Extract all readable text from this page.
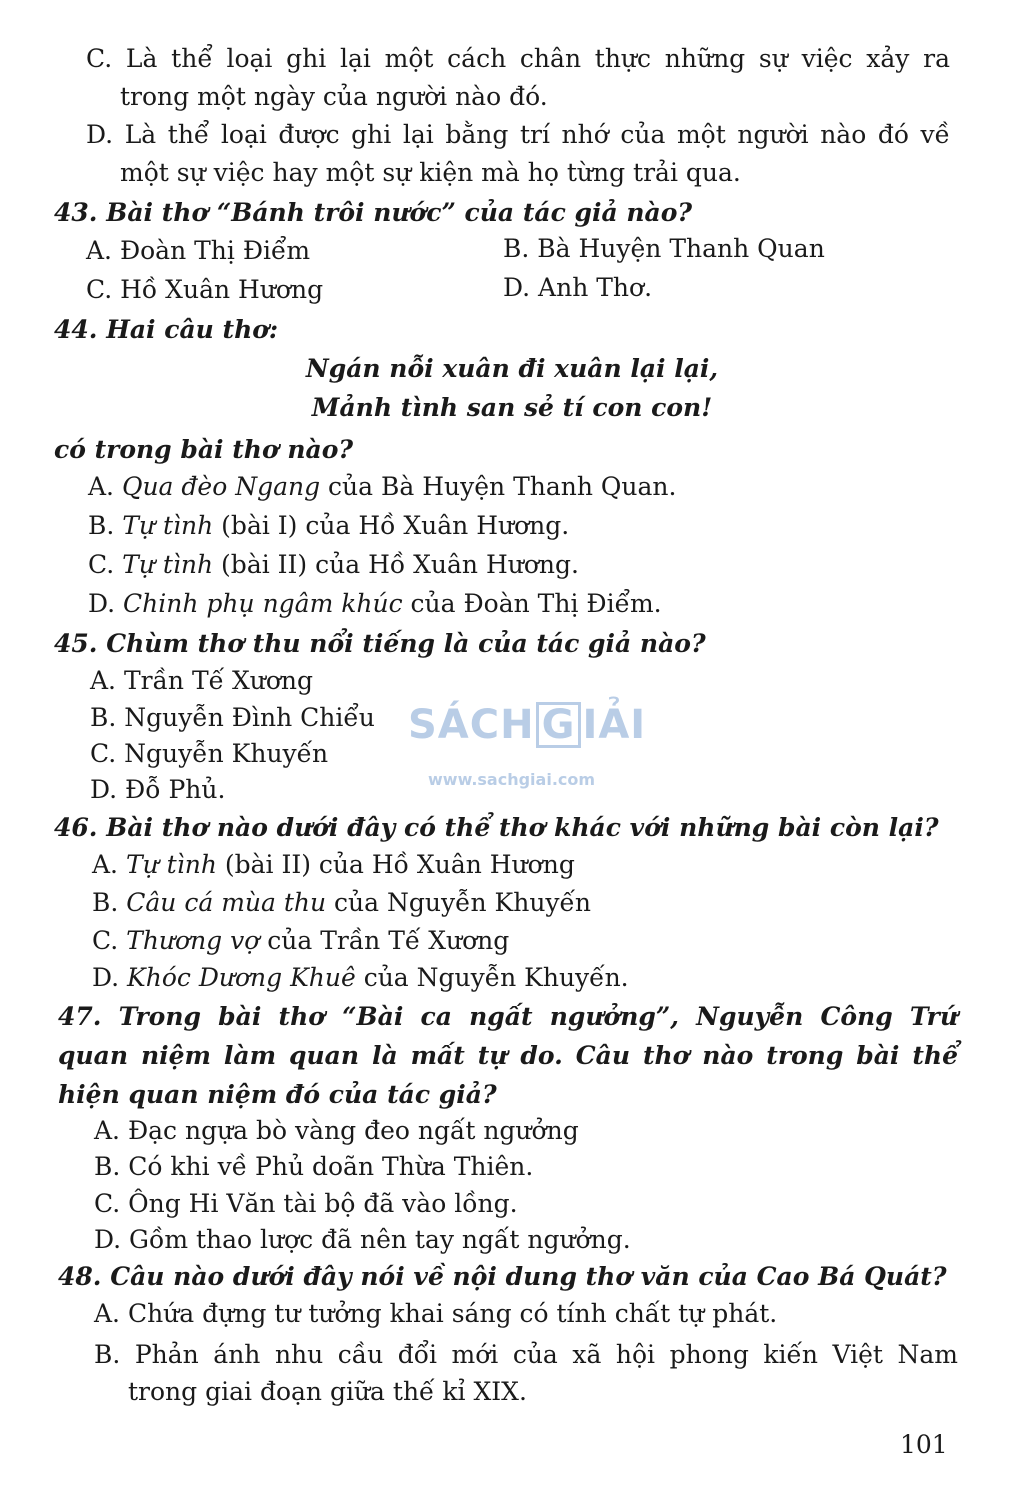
C. Là thể loại ghi lại một cách chân thực những sự việc xảy ra
trong một ngày của người nào đó.
D. Là thể loại được ghi lại bằng trí nhớ của một người nào đó về
một sự việc hay một sự kiện mà họ từng trải qua.
43. Bài thơ “Bánh trôi nước” của tác giả nào?
A. Đoàn Thị Điểm	B. Bà Huyện Thanh Quan
C. Hồ Xuân Hương	D. Anh Thơ.
44. Hai câu thơ:
Ngán nỗi xuân đi xuân lại lại,
Mảnh tình san sẻ tí con con!
có trong bài thơ nào?
A. Qua đèo Ngang của Bà Huyện Thanh Quan.
B. Tự tình (bài I) của Hồ Xuân Hương.
C. Tự tình (bài II) của Hồ Xuân Hương.
D. Chinh phụ ngâm khúc của Đoàn Thị Điểm.
45. Chùm thơ thu nổi tiếng là của tác giả nào?
A. Trần Tế Xương
B. Nguyễn Đình Chiểu
C. Nguyễn Khuyến
D. Đỗ Phủ.
SÁCH G IẢI
www.sachgiai.com
46. Bài thơ nào dưới đây có thể thơ khác với những bài còn lại?
A. Tự tình (bài II) của Hồ Xuân Hương
B. Câu cá mùa thu của Nguyễn Khuyến
C. Thương vợ của Trần Tế Xương
D. Khóc Dương Khuê của Nguyễn Khuyến.
47. Trong bài thơ “Bài ca ngất ngưởng”, Nguyễn Công Trứ
quan niệm làm quan là mất tự do. Câu thơ nào trong bài thể
hiện quan niệm đó của tác giả?
A. Đạc ngựa bò vàng đeo ngất ngưởng
B. Có khi về Phủ doãn Thừa Thiên.
C. Ông Hi Văn tài bộ đã vào lồng.
D. Gồm thao lược đã nên tay ngất ngưởng.
48. Câu nào dưới đây nói về nội dung thơ văn của Cao Bá Quát?
A. Chứa đựng tư tưởng khai sáng có tính chất tự phát.
B. Phản ánh nhu cầu đổi mới của xã hội phong kiến Việt Nam
trong giai đoạn giữa thế kỉ XIX.
101
